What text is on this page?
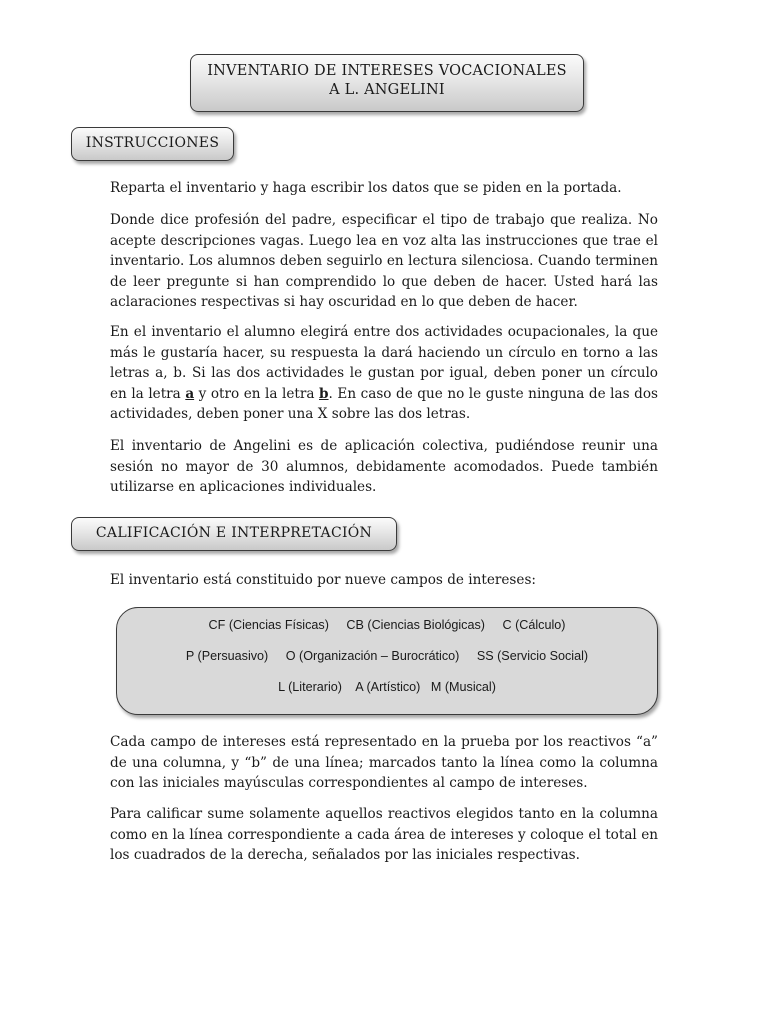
INVENTARIO DE INTERESES VOCACIONALES
A L. ANGELINI
INSTRUCCIONES

Reparta el inventario y haga escribir los datos que se piden en la portada.

Donde dice profesión del padre, especificar el tipo de trabajo que realiza. No acepte descripciones vagas. Luego lea en voz alta las instrucciones que trae el inventario. Los alumnos deben seguirlo en lectura silenciosa. Cuando terminen de leer pregunte si han comprendido lo que deben de hacer. Usted hará las aclaraciones respectivas si hay oscuridad en lo que deben de hacer.

En el inventario el alumno elegirá entre dos actividades ocupacionales, la que más le gustaría hacer, su respuesta la dará haciendo un círculo en torno a las letras a, b. Si las dos actividades le gustan por igual, deben poner un círculo en la letra a y otro en la letra b. En caso de que no le guste ninguna de las dos actividades, deben poner una X sobre las dos letras.

El inventario de Angelini es de aplicación colectiva, pudiéndose reunir una sesión no mayor de 30 alumnos, debidamente acomodados. Puede también utilizarse en aplicaciones individuales.

CALIFICACIÓN E INTERPRETACIÓN

El inventario está constituido por nueve campos de intereses:

CF (Ciencias Físicas)     CB (Ciencias Biológicas)     C (Cálculo)
P (Persuasivo)     O (Organización – Burocrático)     SS (Servicio Social)
L (Literario)    A (Artístico)   M (Musical)

Cada campo de intereses está representado en la prueba por los reactivos “a” de una columna, y “b” de una línea; marcados tanto la línea como la columna con las iniciales mayúsculas correspondientes al campo de intereses.

Para calificar sume solamente aquellos reactivos elegidos tanto en la columna como en la línea correspondiente a cada área de intereses y coloque el total en los cuadrados de la derecha, señalados por las iniciales respectivas.
